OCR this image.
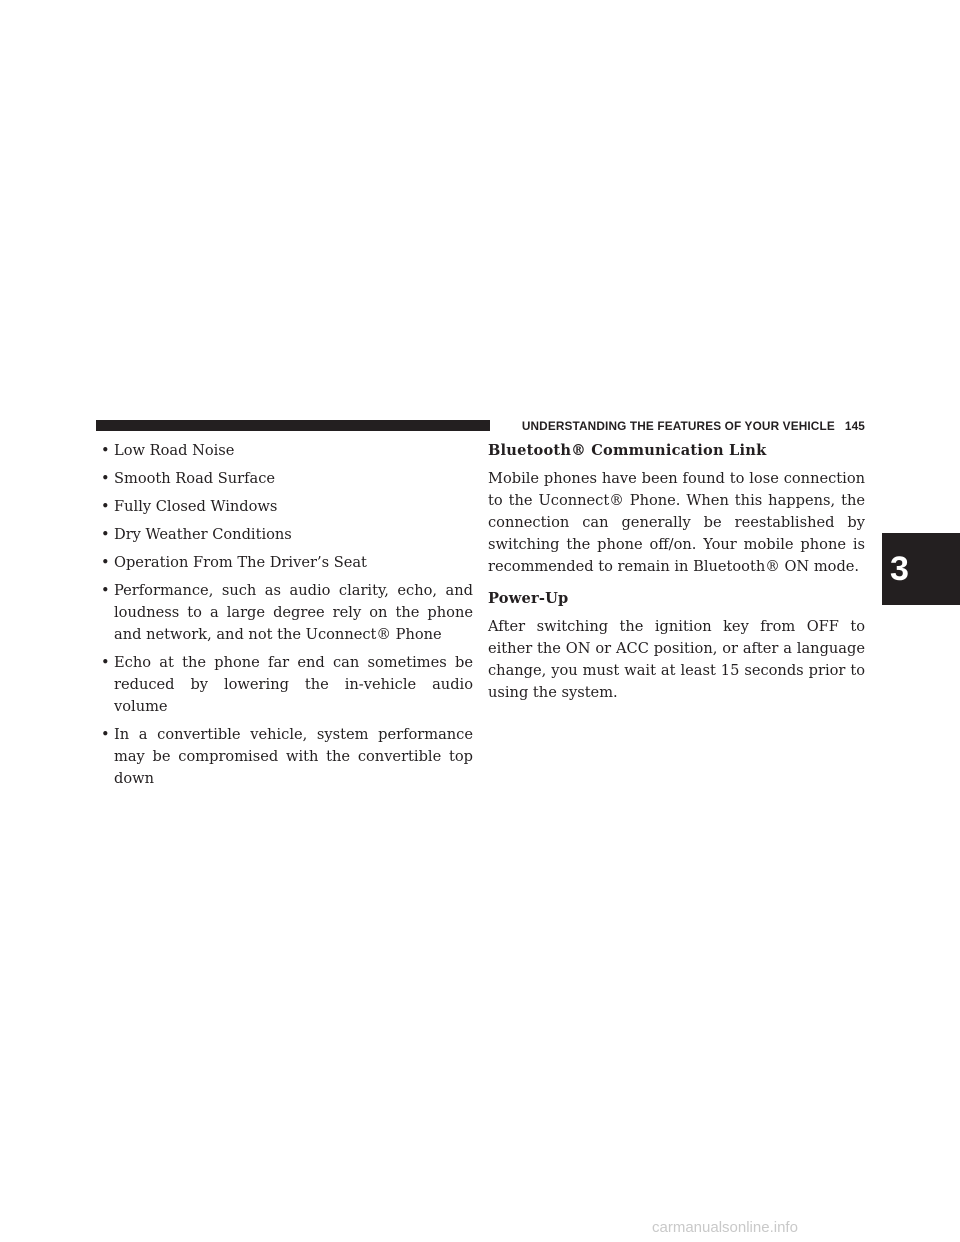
UNDERSTANDING THE FEATURES OF YOUR VEHICLE 145
3
• Low Road Noise
• Smooth Road Surface
• Fully Closed Windows
• Dry Weather Conditions
• Operation From The Driver’s Seat
• Performance, such as audio clarity, echo, and loudness to a large degree rely on the phone and network, and not the Uconnect® Phone
• Echo at the phone far end can sometimes be reduced by lowering the in-vehicle audio volume
• In a convertible vehicle, system performance may be compromised with the convertible top down
Bluetooth® Communication Link

Mobile phones have been found to lose connection to the Uconnect® Phone. When this happens, the connection can generally be reestablished by switching the phone off/on. Your mobile phone is recommended to remain in Bluetooth® ON mode.

Power-Up

After switching the ignition key from OFF to either the ON or ACC position, or after a language change, you must wait at least 15 seconds prior to using the system.

carmanualsonline.info
